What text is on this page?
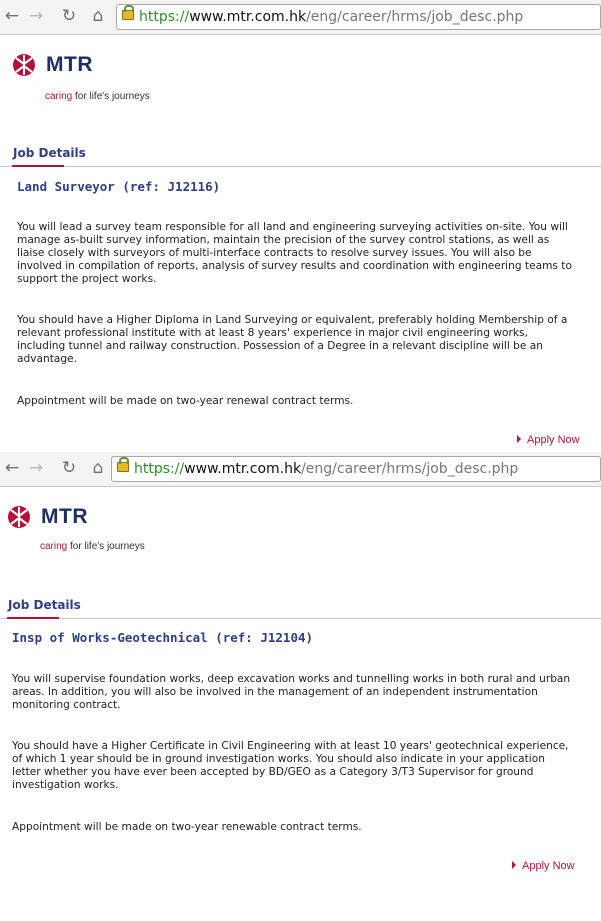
← → ↻ ⌂	https://www.mtr.com.hk/eng/career/hrms/job_desc.php
MTR
caring for life's journeys
Job Details
Land Surveyor (ref: J12116)
You will lead a survey team responsible for all land and engineering surveying activities on-site. You will manage as-built survey information, maintain the precision of the survey control stations, as well as liaise closely with surveyors of multi-interface contracts to resolve survey issues. You will also be involved in compilation of reports, analysis of survey results and coordination with engineering teams to support the project works.
You should have a Higher Diploma in Land Surveying or equivalent, preferably holding Membership of a relevant professional institute with at least 8 years' experience in major civil engineering works, including tunnel and railway construction. Possession of a Degree in a relevant discipline will be an advantage.
Appointment will be made on two-year renewal contract terms.
Apply Now
← → ↻ ⌂	https://www.mtr.com.hk/eng/career/hrms/job_desc.php
MTR
caring for life's journeys
Job Details
Insp of Works-Geotechnical (ref: J12104)
You will supervise foundation works, deep excavation works and tunnelling works in both rural and urban areas. In addition, you will also be involved in the management of an independent instrumentation monitoring contract.
You should have a Higher Certificate in Civil Engineering with at least 10 years' geotechnical experience, of which 1 year should be in ground investigation works. You should also indicate in your application letter whether you have ever been accepted by BD/GEO as a Category 3/T3 Supervisor for ground investigation works.
Appointment will be made on two-year renewable contract terms.
Apply Now
